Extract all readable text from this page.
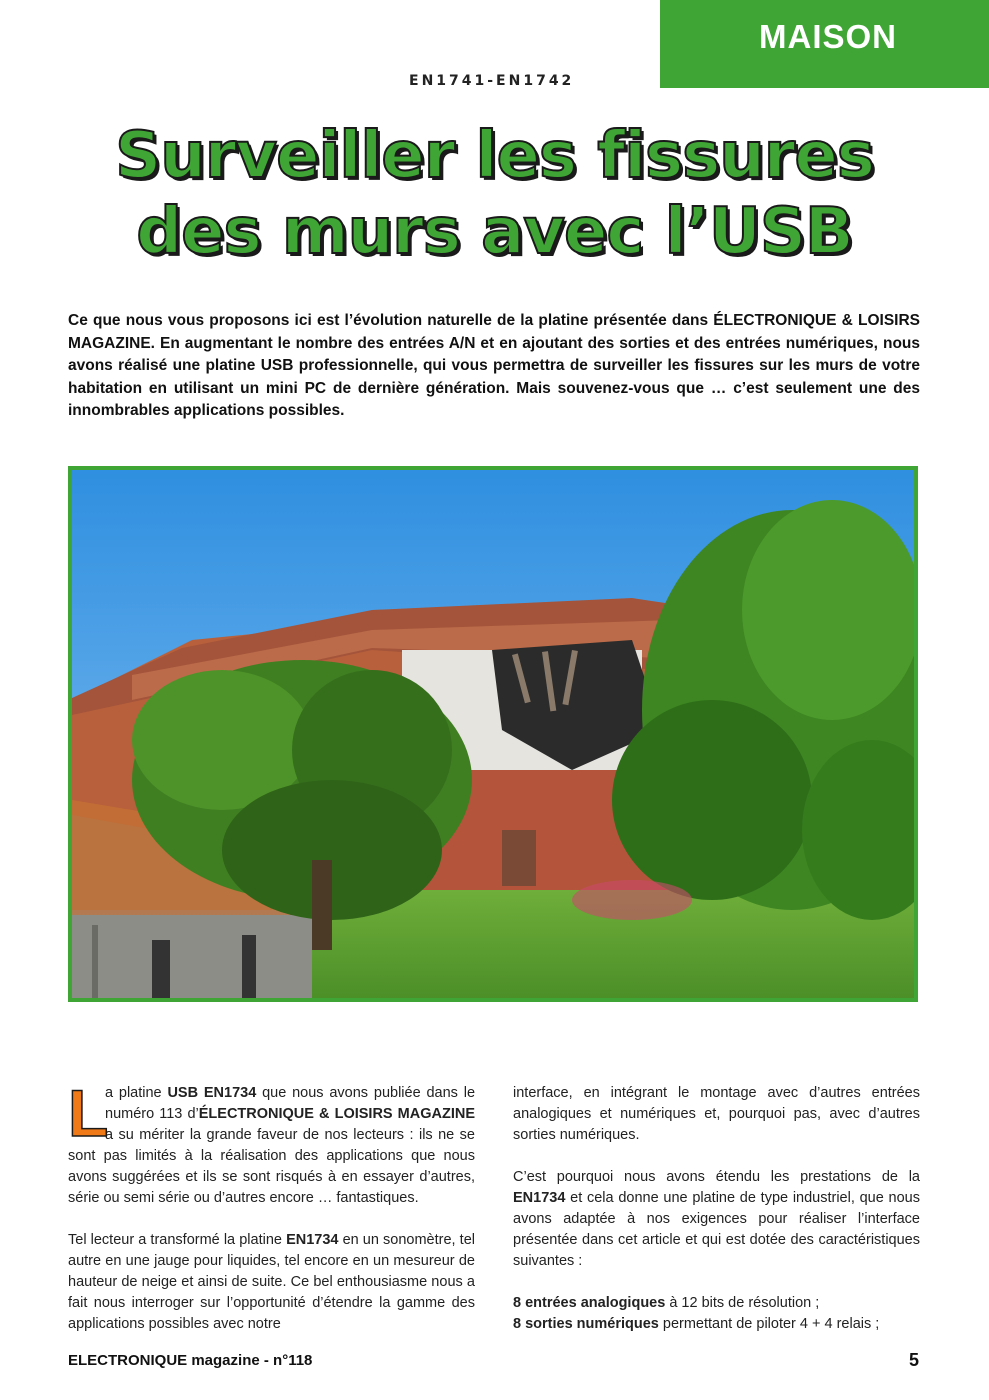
MAISON
EN1741-EN1742
Surveiller les fissures
des murs avec l’USB

Ce que nous vous proposons ici est l’évolution naturelle de la platine présentée dans ÉLECTRONIQUE & LOISIRS MAGAZINE. En augmentant le nombre des entrées A/N et en ajoutant des sorties et des entrées numériques, nous avons réalisé une platine USB professionnelle, qui vous permettra de surveiller les fissures sur les murs de votre habitation en utilisant un mini PC de dernière génération. Mais souvenez-vous que … c’est seulement une des innombrables applications possibles.

L
a platine USB EN1734 que nous avons publiée dans le numéro 113 d’ÉLECTRONIQUE & LOISIRS MAGAZINE a su mériter la grande faveur de nos lecteurs : ils ne se sont pas limités à la réalisation des applications que nous avons suggérées et ils se sont risqués à en essayer d’autres, série ou semi série ou d’autres encore … fantastiques.

Tel lecteur a transformé la platine EN1734 en un sonomètre, tel autre en une jauge pour liquides, tel encore en un mesureur de hauteur de neige et ainsi de suite. Ce bel enthousiasme nous a fait nous interroger sur l’opportunité d’étendre la gamme des applications possibles avec notre

interface, en intégrant le montage avec d’autres entrées analogiques et numériques et, pourquoi pas, avec d’autres sorties numériques.

C’est pourquoi nous avons étendu les prestations de la EN1734 et cela donne une platine de type industriel, que nous avons adaptée à nos exigences pour réaliser l’interface présentée dans cet article et qui est dotée des caractéristiques suivantes :

8 entrées analogiques à 12 bits de résolution ;
8 sorties numériques permettant de piloter 4 + 4 relais ;
ELECTRONIQUE magazine - n°118	5
